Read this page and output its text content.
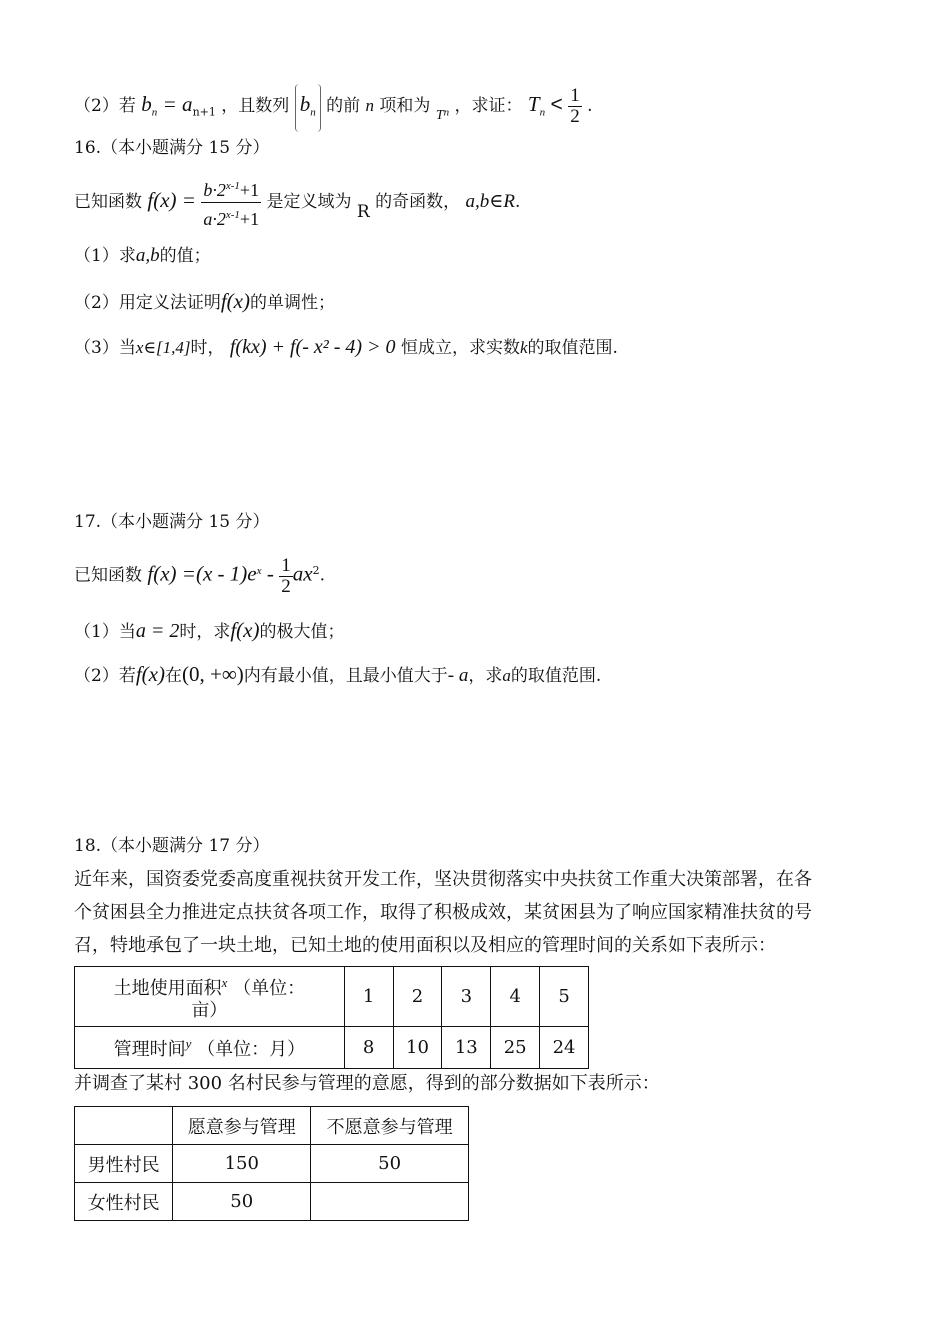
（2）若 $b_n = a_{n+1}$ ，且数列 $b_n$ 的前 n 项和为 $_{Tn}$ ，求证： $T_n < \frac{1}{2}$ .
16.（本小题满分 15 分）
已知函数 $f(x) = \frac{b\cdot 2^{x-1}+1}{a\cdot 2^{x-1}+1}$ 是定义域为 R 的奇函数， a,b∈R.
（1）求a,b的值；
（2）用定义法证明f(x)的单调性；
（3）当x∈[1,4]时， f(kx) + f(- x² - 4) > 0 恒成立，求实数k的取值范围.
17.（本小题满分 15 分）
已知函数 $f(x) =(x - 1)e^x - \frac{1}{2} ax^2$.
（1）当a = 2时，求f(x)的极大值；
（2）若f(x)在(0, +∞)内有最小值，且最小值大于- a，求a的取值范围.
18.（本小题满分 17 分）
近年来，国资委党委高度重视扶贫开发工作，坚决贯彻落实中央扶贫工作重大决策部署，在各
个贫困县全力推进定点扶贫各项工作，取得了积极成效，某贫困县为了响应国家精准扶贫的号
召，特地承包了一块土地，已知土地的使用面积以及相应的管理时间的关系如下表所示：
土地使用面积$^x$ （单位：
亩）	1	2	3	4	5
管理时间$^y$ （单位：月）	8	10	13	25	24
并调查了某村 300 名村民参与管理的意愿，得到的部分数据如下表所示：
	愿意参与管理	不愿意参与管理
男性村民	150	50
女性村民	50	
